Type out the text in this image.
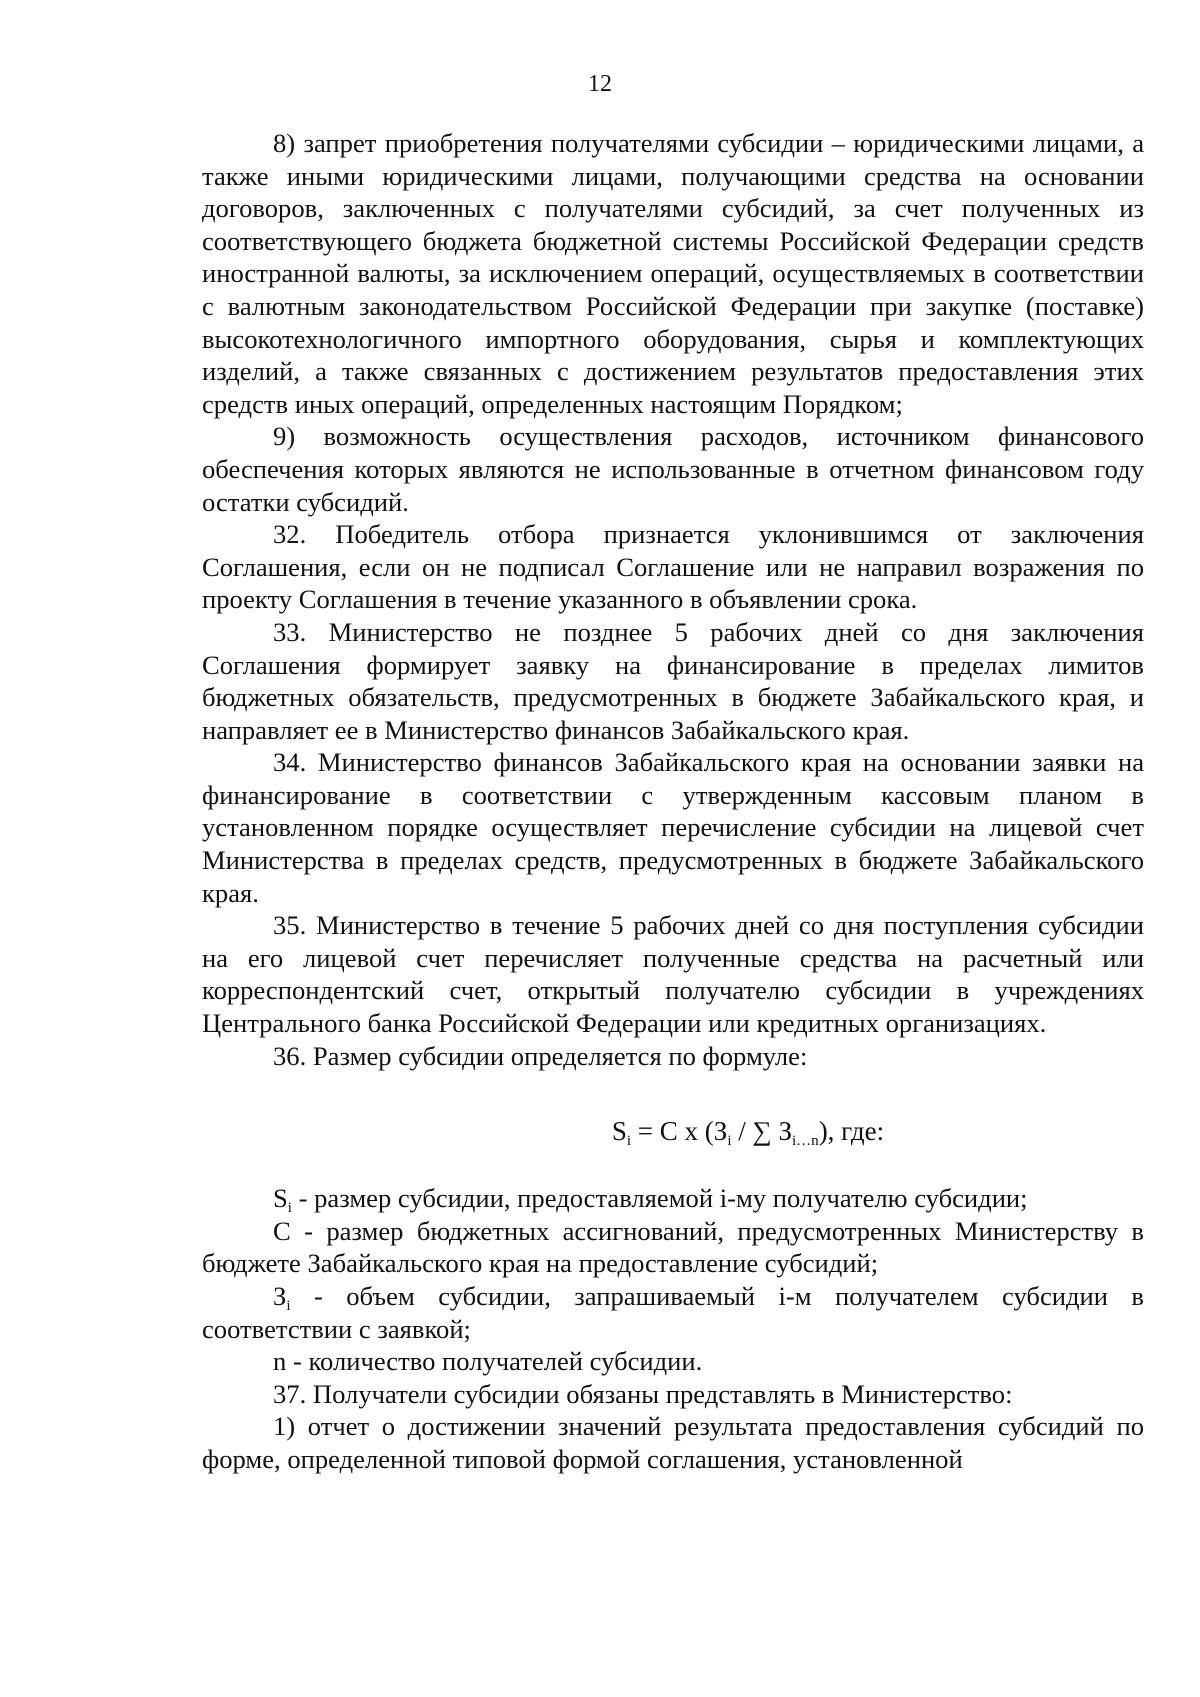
12

8) запрет приобретения получателями субсидии – юридическими лицами, а также иными юридическими лицами, получающими средства на основании договоров, заключенных с получателями субсидий, за счет полученных из соответствующего бюджета бюджетной системы Российской Федерации средств иностранной валюты, за исключением операций, осуществляемых в соответствии с валютным законодательством Российской Федерации при закупке (поставке) высокотехнологичного импортного оборудования, сырья и комплектующих изделий, а также связанных с достижением результатов предоставления этих средств иных операций, определенных настоящим Порядком;

9) возможность осуществления расходов, источником финансового обеспечения которых являются не использованные в отчетном финансовом году остатки субсидий.

32. Победитель отбора признается уклонившимся от заключения Соглашения, если он не подписал Соглашение или не направил возражения по проекту Соглашения в течение указанного в объявлении срока.

33. Министерство не позднее 5 рабочих дней со дня заключения Соглашения формирует заявку на финансирование в пределах лимитов бюджетных обязательств, предусмотренных в бюджете Забайкальского края, и направляет ее в Министерство финансов Забайкальского края.

34. Министерство финансов Забайкальского края на основании заявки на финансирование в соответствии с утвержденным кассовым планом в установленном порядке осуществляет перечисление субсидии на лицевой счет Министерства в пределах средств, предусмотренных в бюджете Забайкальского края.

35. Министерство в течение 5 рабочих дней со дня поступления субсидии на его лицевой счет перечисляет полученные средства на расчетный или корреспондентский счет, открытый получателю субсидии в учреждениях Центрального банка Российской Федерации или кредитных организациях.

36. Размер субсидии определяется по формуле:

$S_i = C$ x ($З_i$ / ∑ $З_{i\dots n}$), где:

$S_i$ - размер субсидии, предоставляемой i-му получателю субсидии;

С - размер бюджетных ассигнований, предусмотренных Министерству в бюджете Забайкальского края на предоставление субсидий;

$З_i$ - объем субсидии, запрашиваемый i-м получателем субсидии в соответствии с заявкой;

n - количество получателей субсидии.

37. Получатели субсидии обязаны представлять в Министерство:

1) отчет о достижении значений результата предоставления субсидий по форме, определенной типовой формой соглашения, установленной
